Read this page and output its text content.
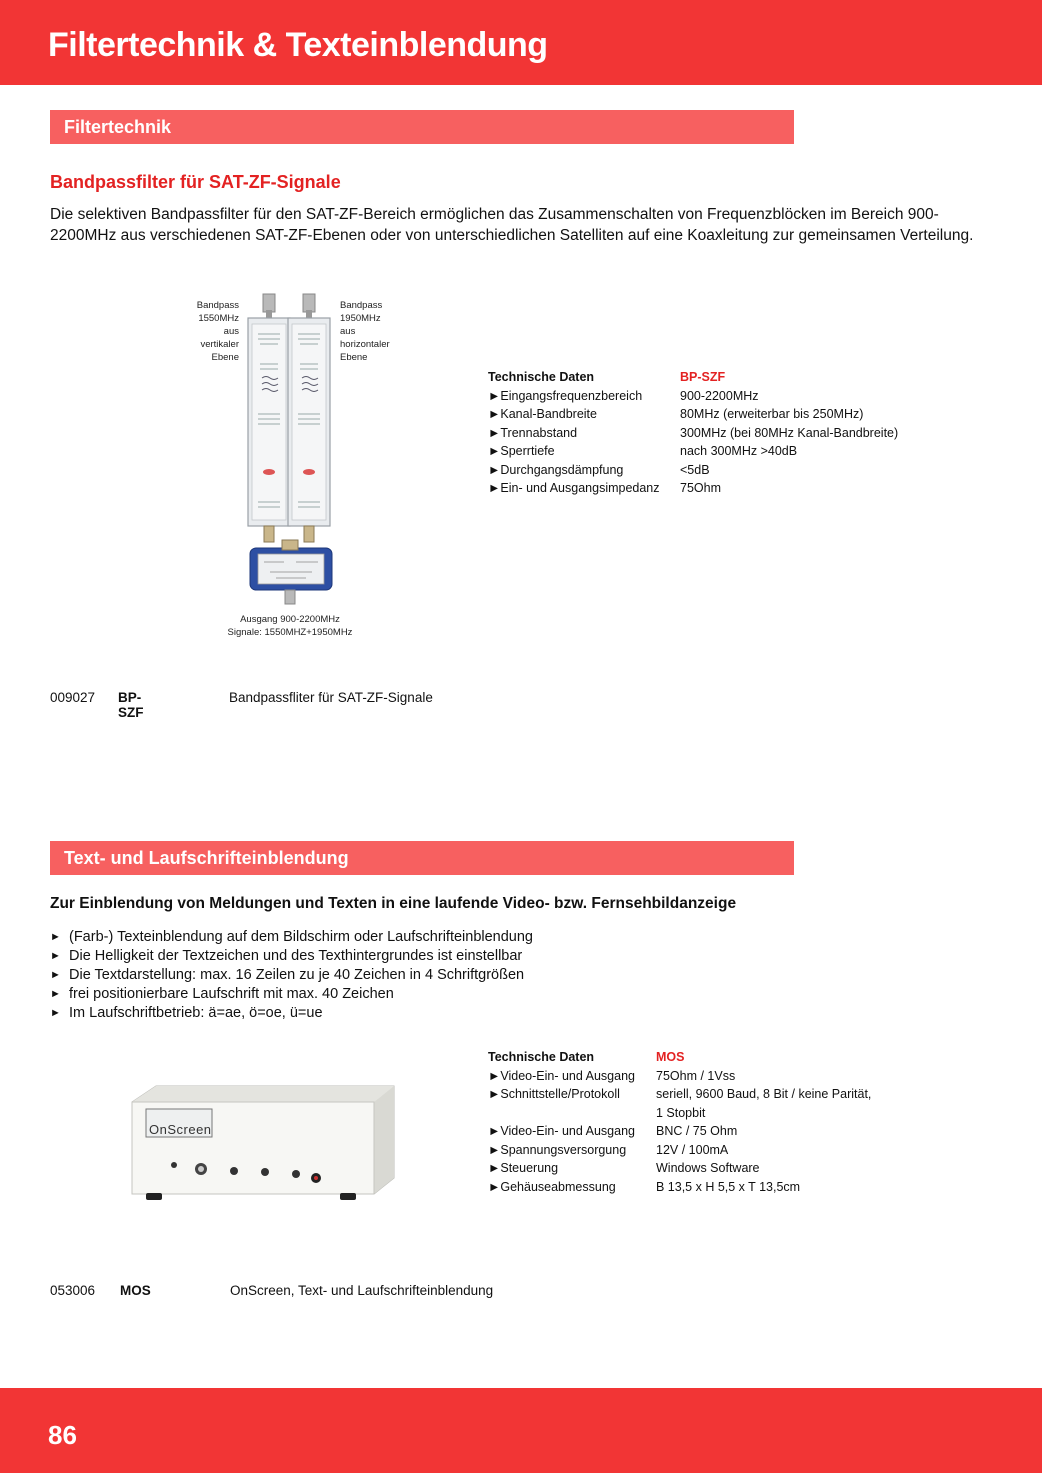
Filtertechnik & Texteinblendung
Filtertechnik
Bandpassfilter für SAT-ZF-Signale
Die selektiven Bandpassfilter für den SAT-ZF-Bereich ermöglichen das Zusammenschalten von Frequenzblöcken im Bereich 900-2200MHz aus verschiedenen SAT-ZF-Ebenen oder von unterschiedlichen Satelliten auf eine Koaxleitung zur gemeinsamen Verteilung.
Bandpass
1550MHz
aus
vertikaler
Ebene
Bandpass
1950MHz
aus
horizontaler
Ebene
Ausgang 900-2200MHz
Signale: 1550MHZ+1950MHz
Technische Daten	BP-SZF
►Eingangsfrequenzbereich	900-2200MHz
►Kanal-Bandbreite	80MHz (erweiterbar bis 250MHz)
►Trennabstand	300MHz (bei 80MHz Kanal-Bandbreite)
►Sperrtiefe	nach 300MHz >40dB
►Durchgangsdämpfung	<5dB
►Ein- und Ausgangsimpedanz	75Ohm
009027 BP-SZF
Bandpassfliter für SAT-ZF-Signale
Text- und Laufschrifteinblendung
Zur Einblendung von Meldungen und Texten in eine laufende Video- bzw. Fernsehbildanzeige
► (Farb-) Texteinblendung auf dem Bildschirm oder Laufschrifteinblendung
► Die Helligkeit der Textzeichen und des Texthintergrundes ist einstellbar
► Die Textdarstellung: max. 16 Zeilen zu je 40 Zeichen in 4 Schriftgrößen
► frei positionierbare Laufschrift mit max. 40 Zeichen
► Im Laufschriftbetrieb: ä=ae, ö=oe, ü=ue
OnScreen
Technische Daten	MOS
►Video-Ein- und Ausgang	75Ohm / 1Vss
►Schnittstelle/Protokoll	seriell, 9600 Baud, 8 Bit / keine Parität,
1 Stopbit

►Video-Ein- und Ausgang	BNC / 75 Ohm
►Spannungsversorgung	12V / 100mA
►Steuerung	Windows Software
►Gehäuseabmessung	B 13,5 x H 5,5 x T 13,5cm
053006 MOS	OnScreen, Text- und Laufschrifteinblendung
86
